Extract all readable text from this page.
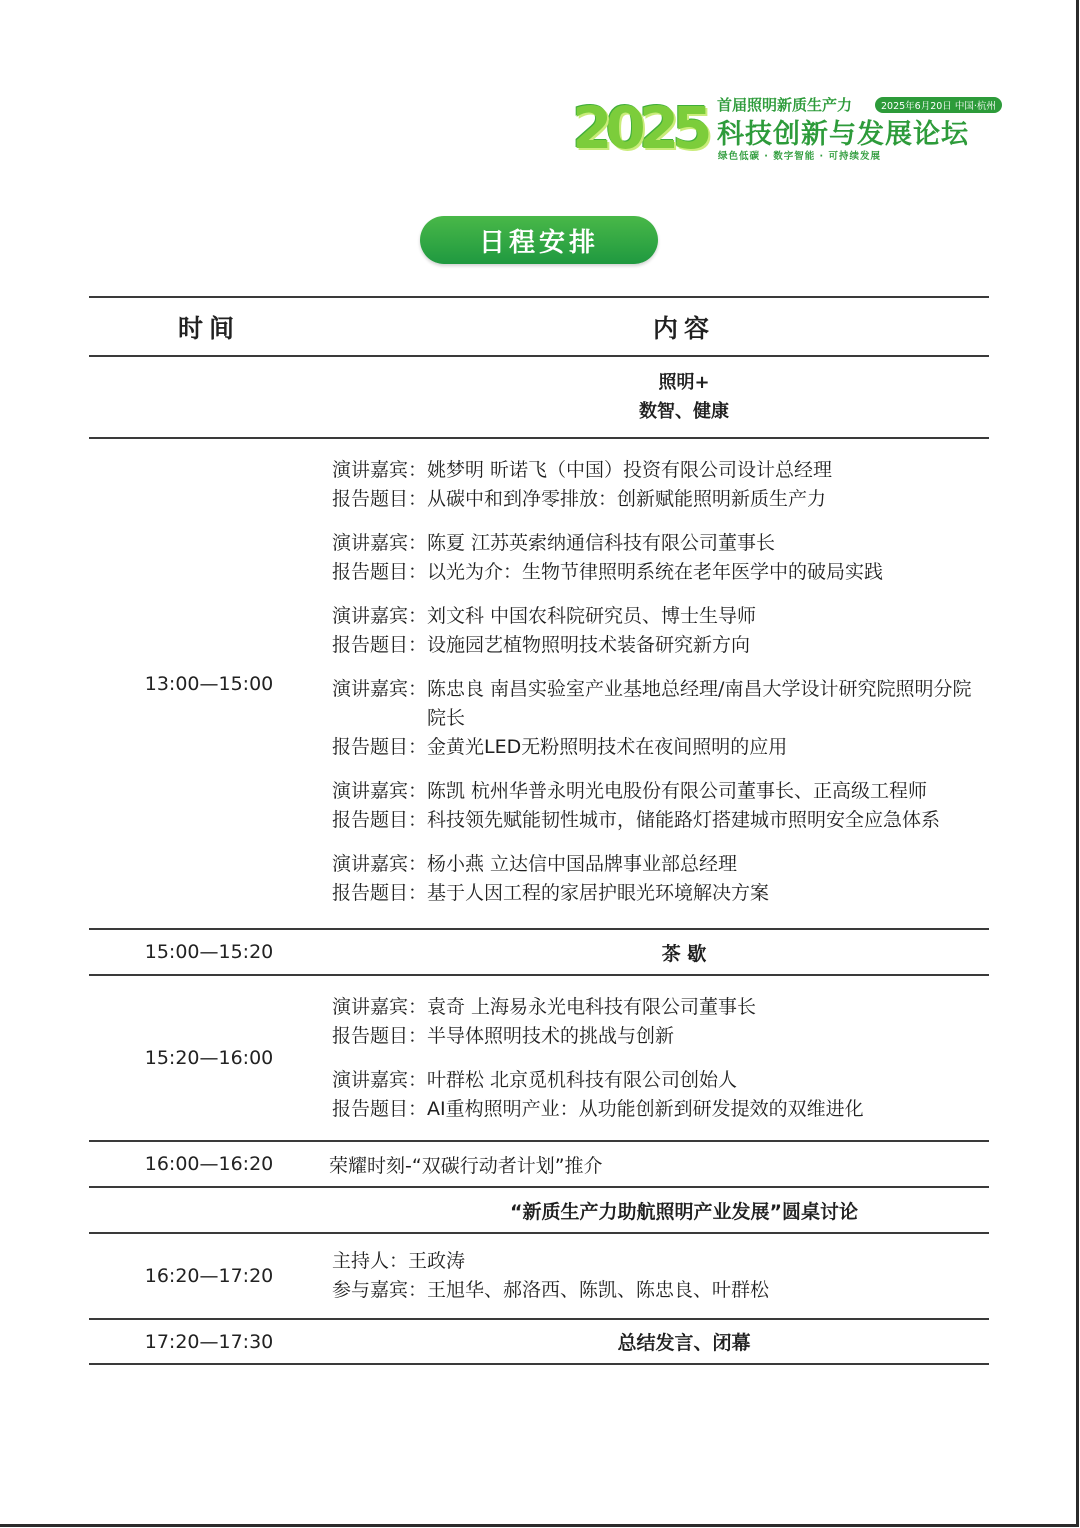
2025 首届照明新质生产力	2025年6月20日 中国·杭州
科技创新与发展论坛
绿色低碳 · 数字智能 · 可持续发展
日程安排
时间	内容
照明+
数智、健康
13:00—15:00
演讲嘉宾： 姚梦明 昕诺飞（中国）投资有限公司设计总经理
报告题目： 从碳中和到净零排放：创新赋能照明新质生产力
演讲嘉宾： 陈夏 江苏英索纳通信科技有限公司董事长
报告题目： 以光为介：生物节律照明系统在老年医学中的破局实践
演讲嘉宾： 刘文科 中国农科院研究员、博士生导师
报告题目： 设施园艺植物照明技术装备研究新方向
演讲嘉宾： 陈忠良 南昌实验室产业基地总经理/南昌大学设计研究院照明分院院长
报告题目： 金黄光LED无粉照明技术在夜间照明的应用
演讲嘉宾： 陈凯 杭州华普永明光电股份有限公司董事长、正高级工程师
报告题目： 科技领先赋能韧性城市，储能路灯搭建城市照明安全应急体系
演讲嘉宾： 杨小燕 立达信中国品牌事业部总经理
报告题目： 基于人因工程的家居护眼光环境解决方案
15:00—15:20	茶 歇
15:20—16:00
演讲嘉宾： 袁奇 上海易永光电科技有限公司董事长
报告题目： 半导体照明技术的挑战与创新
演讲嘉宾： 叶群松 北京觅机科技有限公司创始人
报告题目： AI重构照明产业：从功能创新到研发提效的双维进化
16:00—16:20	荣耀时刻-“双碳行动者计划”推介
“新质生产力助航照明产业发展”圆桌讨论
16:20—17:20
主持人： 王政涛
参与嘉宾： 王旭华、郝洛西、陈凯、陈忠良、叶群松
17:20—17:30	总结发言、闭幕
